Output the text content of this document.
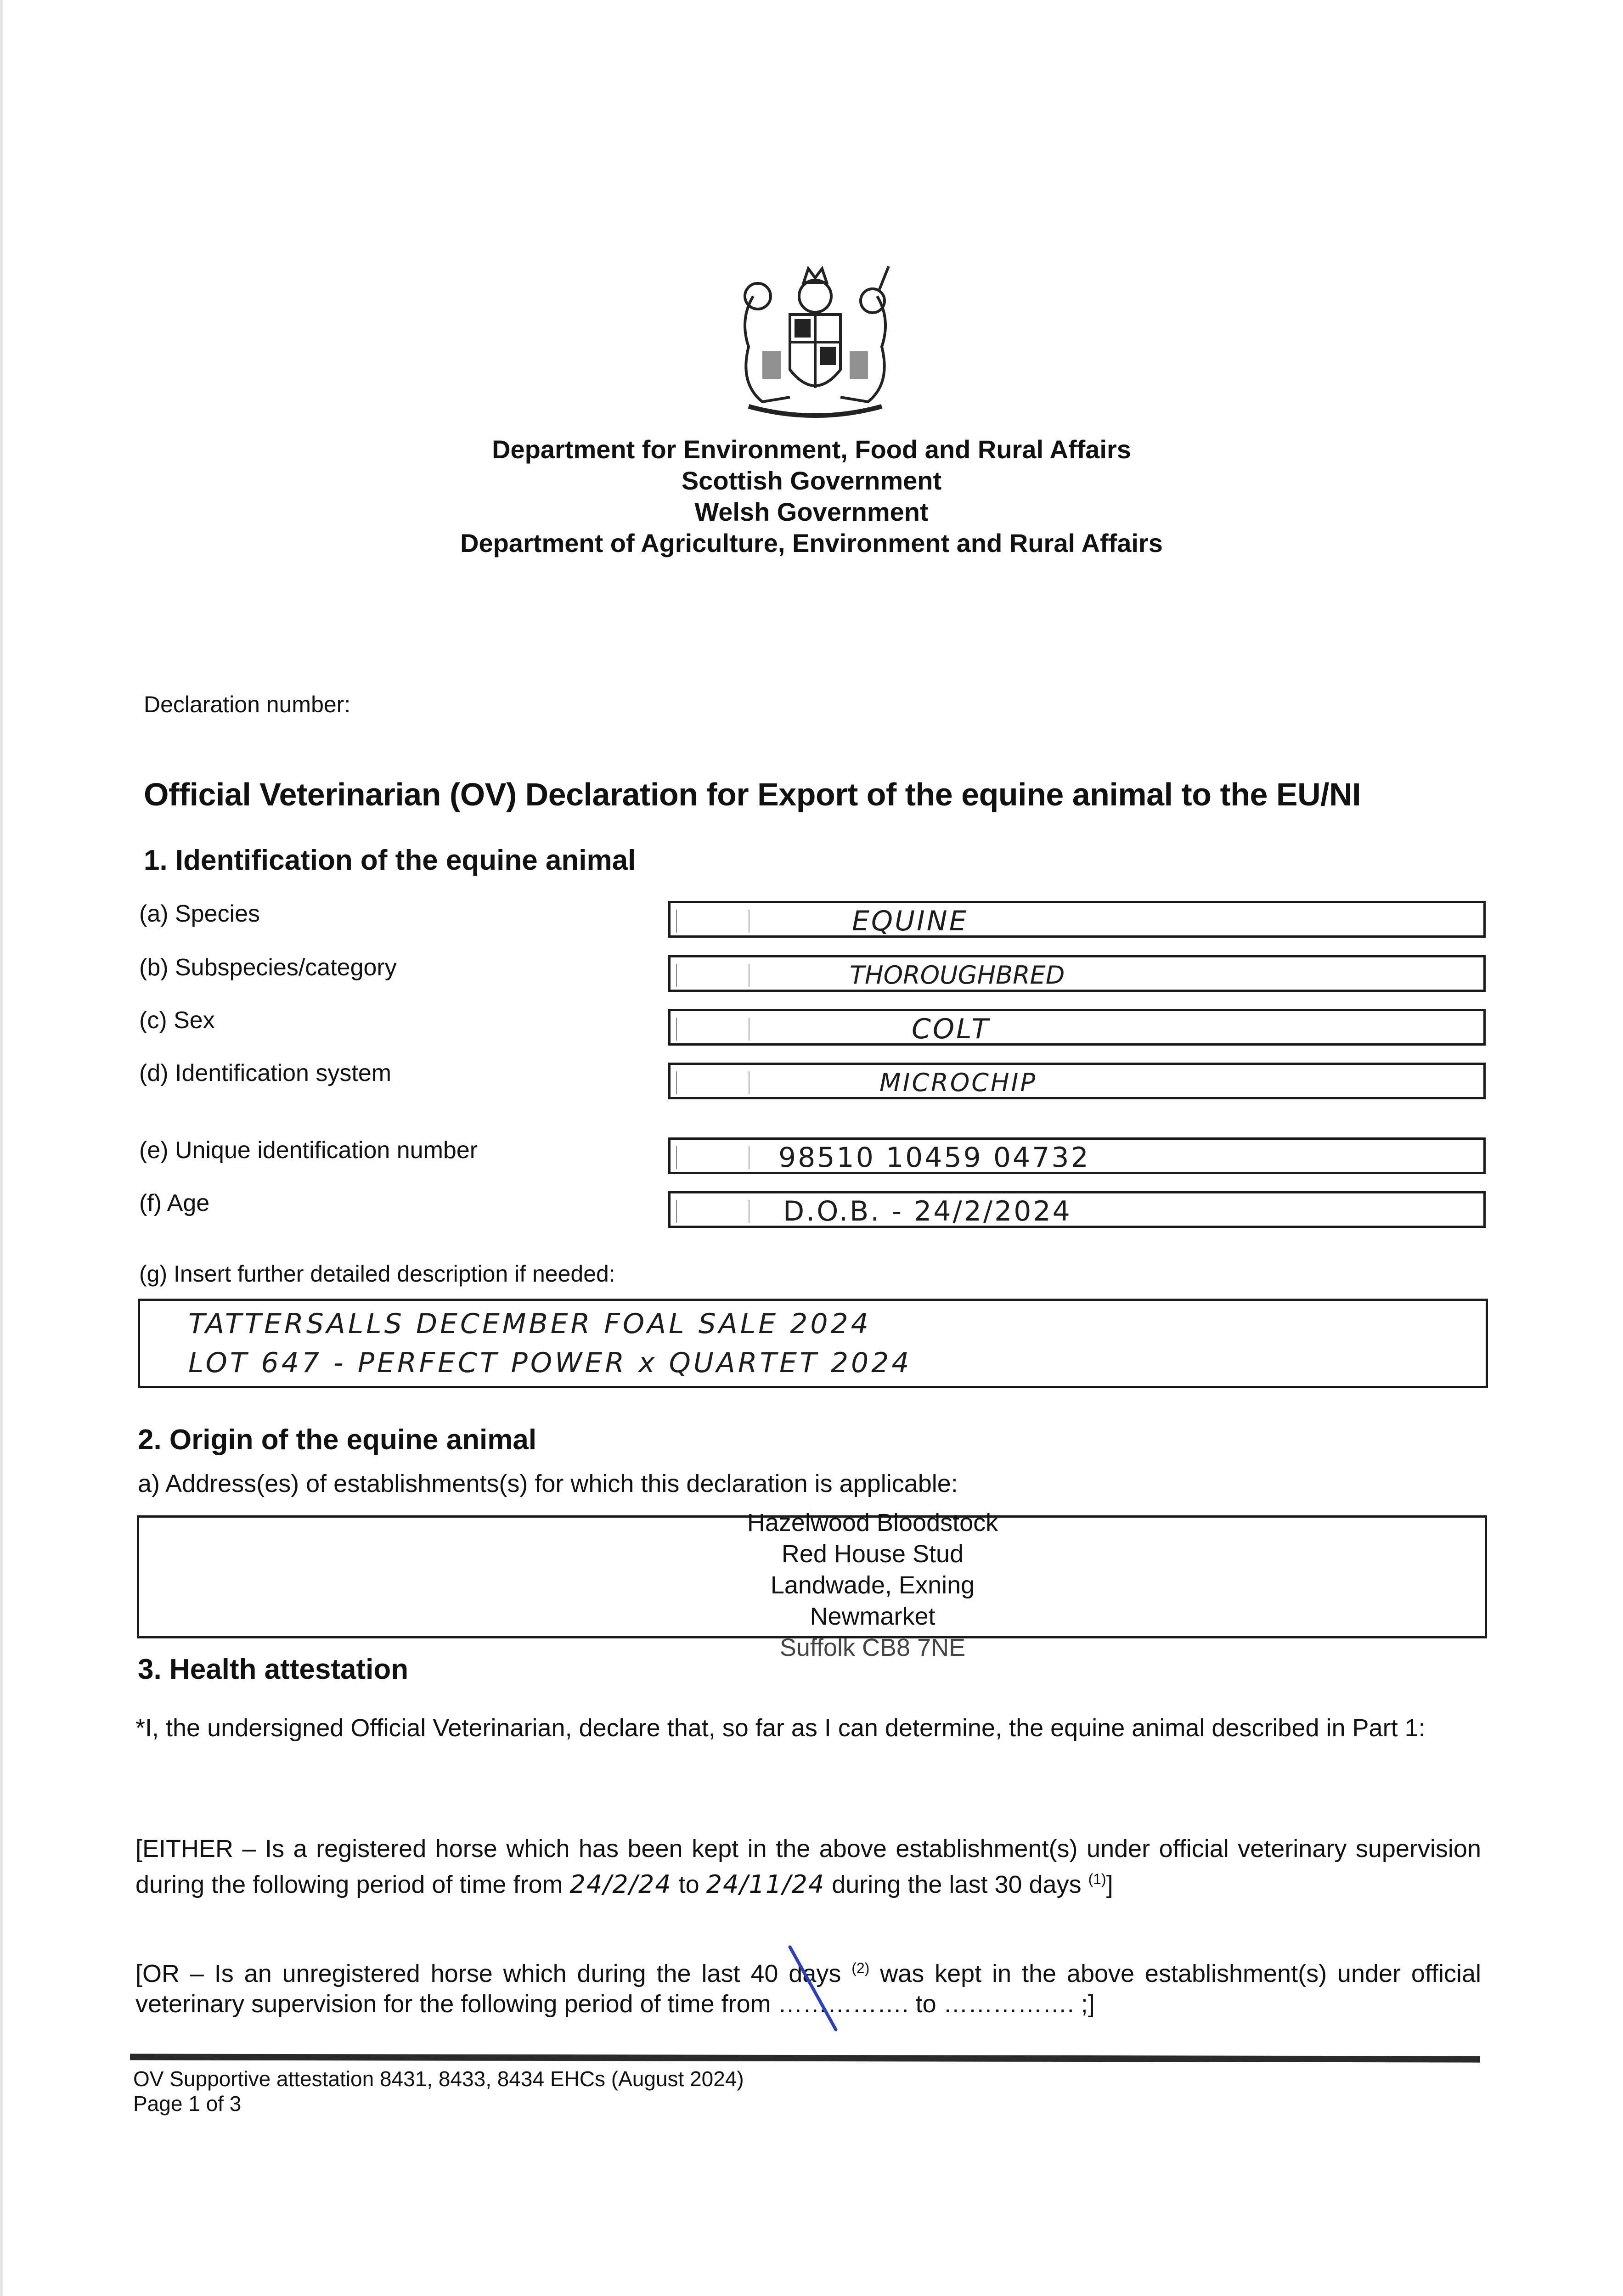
Department for Environment, Food and Rural Affairs
Scottish Government
Welsh Government
Department of Agriculture, Environment and Rural Affairs
Declaration number:
Official Veterinarian (OV) Declaration for Export of the equine animal to the EU/NI
1. Identification of the equine animal
(a) Species	EQUINE
(b) Subspecies/category	THOROUGHBRED
(c) Sex	COLT
(d) Identification system	MICROCHIP
(e) Unique identification number	98510 10459 04732
(f) Age	D.O.B. - 24/2/2024
(g) Insert further detailed description if needed:
TATTERSALLS DECEMBER FOAL SALE 2024
LOT 647 - PERFECT POWER x QUARTET 2024
2. Origin of the equine animal
a) Address(es) of establishments(s) for which this declaration is applicable:
Hazelwood Bloodstock
Red House Stud
Landwade, Exning
Newmarket
Suffolk CB8 7NE
3. Health attestation
*I, the undersigned Official Veterinarian, declare that, so far as I can determine, the equine animal described in Part 1:
[EITHER – Is a registered horse which has been kept in the above establishment(s) under official veterinary supervision during the following period of time from 24/2/24 to 24/11/24 during the last 30 days $^{(1)}$]
[OR – Is an unregistered horse which during the last 40 days $^{(2)}$ was kept in the above establishment(s) under official veterinary supervision for the following period of time from ……………. to ……………. ;]
OV Supportive attestation 8431, 8433, 8434 EHCs (August 2024)
Page 1 of 3
